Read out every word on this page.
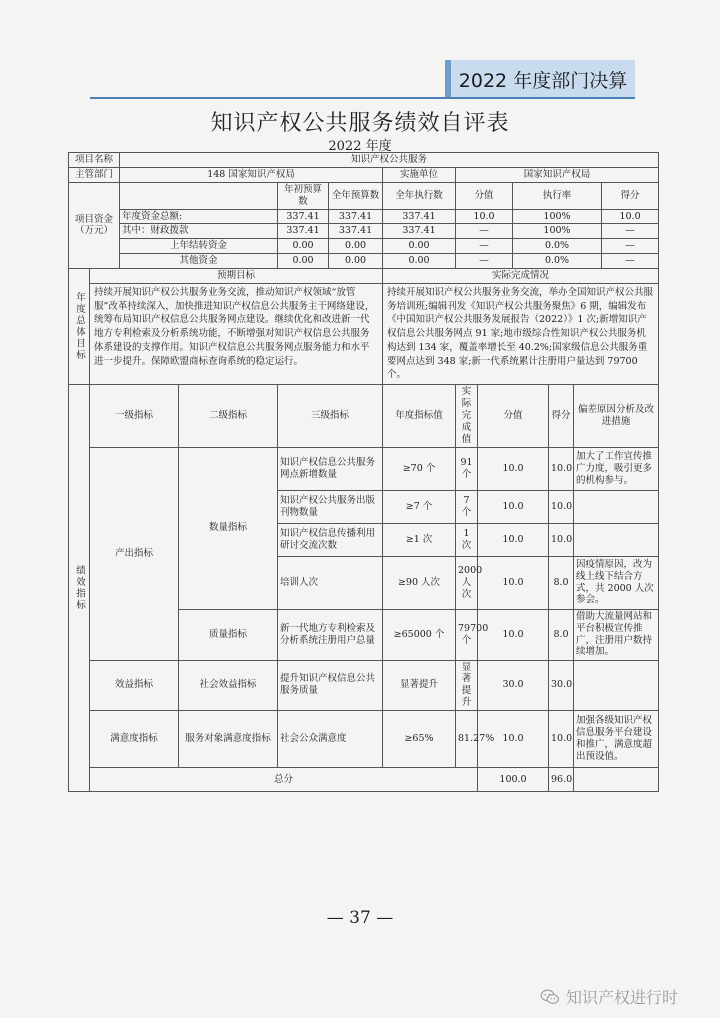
2022 年度部门决算
知识产权公共服务绩效自评表
2022 年度
项目名称		知识产权公共服务										
主管部门		148 国家知识产权局				实施单位	国家知识产权局					
项目资金（万元）				年初预算数	全年预算数	全年执行数	分值		执行率			得分
		年度资金总额:		337.41	337.41	337.41	10.0		100%			10.0
		其中：财政拨款		337.41	337.41	337.41	—		100%			—
		上年结转资金		0.00	0.00	0.00	—		0.0%			—
		其他资金		0.00	0.00	0.00	—		0.0%			—
年度总体目标	预期目标					实际完成情况						
	持续开展知识产权公共服务业务交流，推动知识产权领域“放管服”改革持续深入，加快推进知识产权信息公共服务主干网络建设，统筹布局知识产权信息公共服务网点建设。继续优化和改进新一代地方专利检索及分析系统功能，不断增强对知识产权信息公共服务体系建设的支撑作用。知识产权信息公共服务网点服务能力和水平进一步提升。保障欧盟商标查询系统的稳定运行。					持续开展知识产权公共服务业务交流，举办全国知识产权公共服务培训班;编辑刊发《知识产权公共服务聚焦》6 期，编辑发布《中国知识产权公共服务发展报告（2022）》1 次;新增知识产权信息公共服务网点 91 家;地市级综合性知识产权公共服务机构达到 134 家，覆盖率增长至 40.2%;国家级信息公共服务重要网点达到 348 家;新一代系统累计注册用户量达到 79700 个。						
绩效指标	一级指标		二级指标	三级指标		年度指标值	实际完成值	分值		得分	偏差原因分析及改进措施	
	产出指标		数量指标	知识产权信息公共服务网点新增数量		≥70 个	91 个	10.0		10.0	加大了工作宣传推广力度，吸引更多的机构参与。	
				知识产权公共服务出版刊物数量		≥7 个	7 个	10.0		10.0		
				知识产权信息传播利用研讨交流次数		≥1 次	1 次	10.0		10.0		
				培训人次		≥90 人次	2000 人次	10.0		8.0	因疫情原因，改为线上线下结合方式，共 2000 人次参会。	
			质量指标	新一代地方专利检索及分析系统注册用户总量		≥65000 个	79700 个	10.0		8.0	借助大流量网站和平台积极宣传推广，注册用户数持续增加。	
	效益指标		社会效益指标	提升知识产权信息公共服务质量		显著提升	显著提升	30.0		30.0		
	满意度指标		服务对象满意度指标	社会公众满意度		≥65%	81.27%	10.0		10.0	加强各级知识产权信息服务平台建设和推广，满意度超出预设值。	
	总分							100.0		96.0		
— 37 —
知识产权进行时
